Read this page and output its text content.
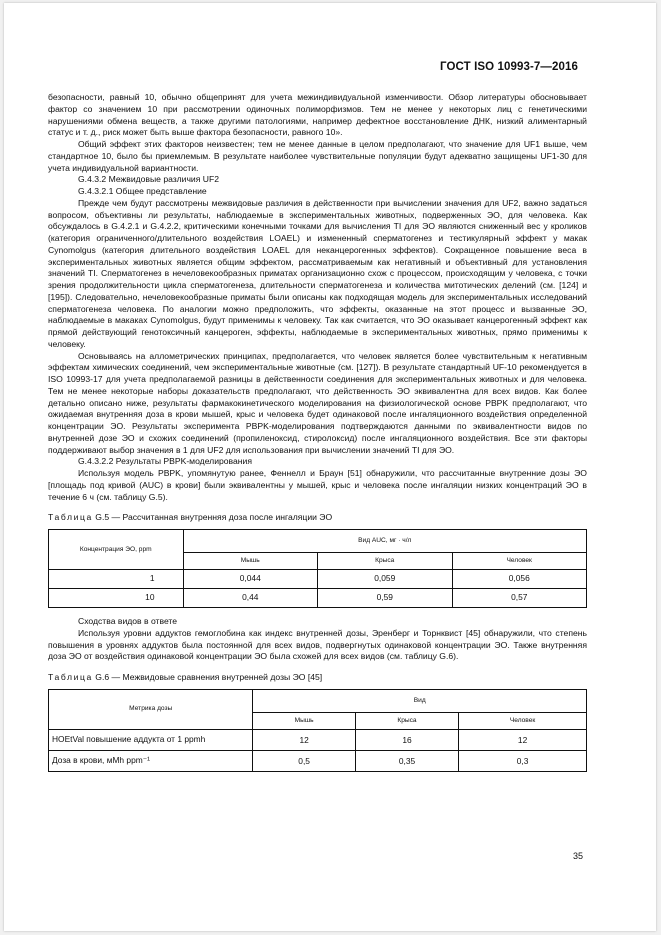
ГОСТ ISO 10993-7—2016

безопасности, равный 10, обычно общепринят для учета межиндивидуальной изменчивости. Обзор литературы обосновывает фактор со значением 10 при рассмотрении одиночных полиморфизмов. Тем не менее у некоторых лиц с генетическими нарушениями обмена веществ, а также другими патологиями, например дефектное восстановление ДНК, низкий алиментарный статус и т. д., риск может быть выше фактора безопасности, равного 10».

Общий эффект этих факторов неизвестен; тем не менее данные в целом предполагают, что значение для UF1 выше, чем стандартное 10, было бы приемлемым. В результате наиболее чувствительные популяции будут адекватно защищены UF1-30 для учета индивидуальной вариантности.

G.4.3.2 Межвидовые различия UF2

G.4.3.2.1 Общее представление

Прежде чем будут рассмотрены межвидовые различия в действенности при вычислении значения для UF2, важно задаться вопросом, объективны ли результаты, наблюдаемые в экспериментальных животных, подверженных ЭО, для человека. Как обсуждалось в G.4.2.1 и G.4.2.2, критическими конечными точками для вычисления TI для ЭО являются сниженный вес у кроликов (категория ограниченного/длительного воздействия LOAEL) и измененный сперматогенез и тестикулярный эффект у макак Cynomolgus (категория длительного воздействия LOAEL для неканцерогенных эффектов). Сокращенное повышение веса в экспериментальных животных является общим эффектом, рассматриваемым как негативный и объективный для установления значений TI. Сперматогенез в нечеловекообразных приматах организационно схож с процессом, происходящим у человека, с точки зрения продолжительности цикла сперматогенеза, длительности сперматогенеза и количества митотических делений (см. [124] и [195]). Следовательно, нечеловекообразные приматы были описаны как подходящая модель для экспериментальных исследований сперматогенеза человека. По аналогии можно предположить, что эффекты, оказанные на этот процесс и вызванные ЭО, наблюдаемые в макаках Cynomolgus, будут применимы к человеку. Так как считается, что ЭО оказывает канцерогенный эффект как прямой действующий генотоксичный канцероген, эффекты, наблюдаемые в экспериментальных животных, прямо применимы к человеку.

Основываясь на аллометрических принципах, предполагается, что человек является более чувствительным к негативным эффектам химических соединений, чем экспериментальные животные (см. [127]). В результате стандартный UF-10 рекомендуется в ISO 10993-17 для учета предполагаемой разницы в действенности соединения для экспериментальных животных и для человека. Тем не менее некоторые наборы доказательств предполагают, что действенность ЭО эквивалентна для всех видов. Как более детально описано ниже, результаты фармакокинетического моделирования на физиологической основе PBPK предполагают, что ожидаемая внутренняя доза в крови мышей, крыс и человека будет одинаковой после ингаляционного воздействия определенной концентрации ЭО. Результаты эксперимента PBPK-моделирования подтверждаются данными по эквивалентности видов по внутренней дозе ЭО и схожих соединений (пропиленоксид, стиролоксид) после ингаляционного воздействия. Все эти факторы поддерживают выбор значения в 1 для UF2 для использования при вычислении значений TI для ЭО.

G.4.3.2.2 Результаты PBPK-моделирования

Используя модель PBPK, упомянутую ранее, Феннелл и Браун [51] обнаружили, что рассчитанные внутренние дозы ЭО [площадь под кривой (AUC) в крови] были эквивалентны у мышей, крыс и человека после ингаляции низких концентраций ЭО в течение 6 ч (см. таблицу G.5).

Таблица G.5 — Рассчитанная внутренняя доза после ингаляции ЭО

Концентрация ЭО, ppm	Вид AUC, мг · ч/л		
	Мышь	Крыса	Человек
1	0,044	0,059	0,056
10	0,44	0,59	0,57

Сходства видов в ответе

Используя уровни аддуктов гемоглобина как индекс внутренней дозы, Эренберг и Торнквист [45] обнаружили, что степень повышения в уровнях аддуктов была постоянной для всех видов, подвергнутых одинаковой концентрации ЭО. Также внутренняя доза ЭО от воздействия одинаковой концентрации ЭО была схожей для всех видов (см. таблицу G.6).

Таблица G.6 — Межвидовые сравнения внутренней дозы ЭО [45]

Метрика дозы	Вид		
	Мышь	Крыса	Человек
HOEtVal повышение аддукта от 1 ppmh	12	16	12
Доза в крови, мMh ppm⁻¹	0,5	0,35	0,3
35
